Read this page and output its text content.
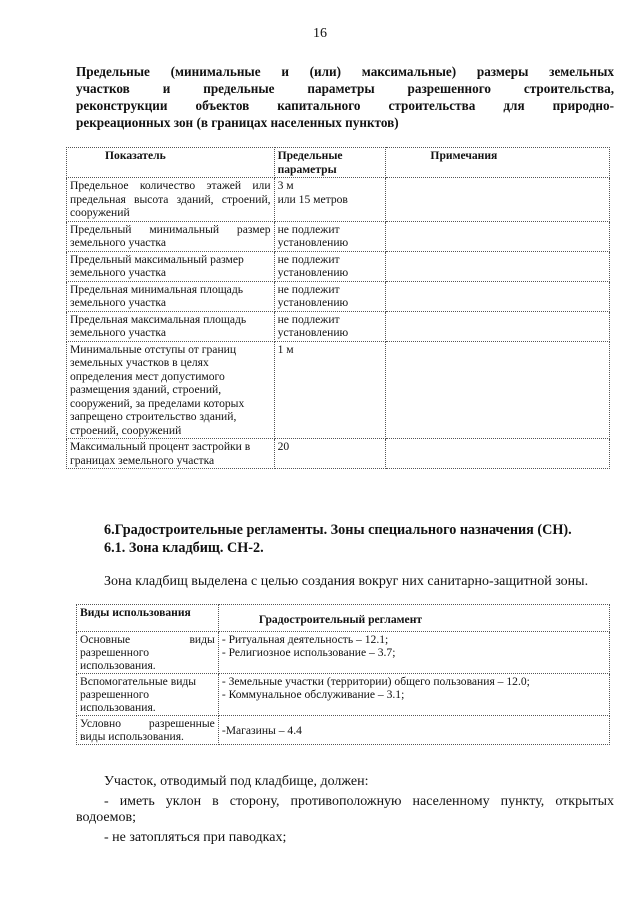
16
Предельные (минимальные и (или) максимальные) размеры земельных
участков и предельные параметры разрешенного строительства,
реконструкции объектов капитального строительства для природно-
рекреационных зон (в границах населенных пунктов)
Показатель	Предельные параметры	Примечания
Предельное количество этажей или предельная высота зданий, строений, сооружений	3 м
или 15 метров	
Предельный минимальный размер земельного участка	не подлежит установлению	
Предельный максимальный размер земельного участка	не подлежит установлению	
Предельная минимальная площадь земельного участка	не подлежит установлению	
Предельная максимальная площадь земельного участка	не подлежит установлению	
Минимальные отступы от границ земельных участков в целях определения мест допустимого размещения зданий, строений, сооружений, за пределами которых запрещено строительство зданий, строений, сооружений	1 м	
Максимальный процент застройки в границах земельного участка	20	
6.Градостроительные регламенты. Зоны специального назначения (СН).
6.1. Зона кладбищ. СН-2.
Зона кладбищ выделена с целью создания вокруг них санитарно-защитной зоны.
Виды использования	Градостроительный регламент
Основные виды разрешенного использования.	- Ритуальная деятельность – 12.1;
- Религиозное использование – 3.7;

Вспомогательные виды разрешенного использования.	- Земельные участки (территории) общего пользования – 12.0;
- Коммунальное обслуживание – 3.1;

Условно разрешенные виды использования.	-Магазины – 4.4
Участок, отводимый под кладбище, должен:
- иметь уклон в сторону, противоположную населенному пункту, открытых водоемов;
- не затопляться при паводках;
